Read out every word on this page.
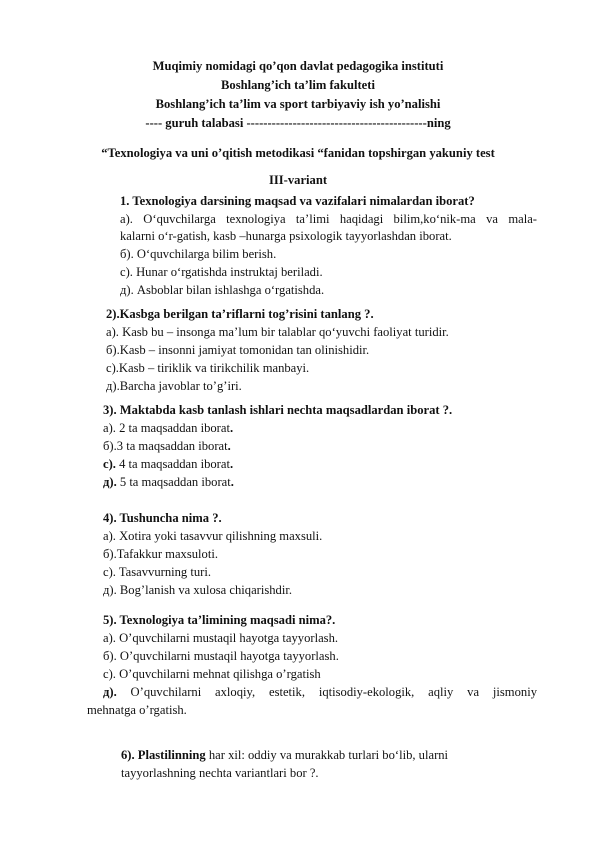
Muqimiy nomidagi qo’qon davlat pedagogika instituti
Boshlang’ich ta’lim fakulteti
Boshlang’ich ta’lim va sport tarbiyaviy ish yo’nalishi
---- guruh talabasi -------------------------------------------ning
“Texnologiya va uni o’qitish metodikasi “fanidan topshirgan yakuniy test
III-variant
1. Texnologiya darsining maqsad va vazifalari nimalardan iborat?
a). O‘quvchilarga texnologiya ta’limi haqidagi bilim,ko‘nik-ma va mala-
kalarni o‘r-gatish, kasb –hunarga psixologik tayyorlashdan iborat.
б). O‘quvchilarga bilim berish.
c). Hunar o‘rgatishda instruktaj beriladi.
д). Asboblar bilan ishlashga o‘rgatishda.
2).Kasbga berilgan ta’riflarni tog’risini tanlang ?.
a). Kasb bu – insonga ma’lum bir talablar qo‘yuvchi faoliyat turidir.
б).Kasb – insonni jamiyat tomonidan tan olinishidir.
c).Kasb – tiriklik va tirikchilik manbayi.
д).Barcha javoblar to’g’iri.
3). Maktabda kasb tanlash ishlari nechta maqsadlardan iborat ?.
a). 2 ta maqsaddan iborat.
б).3 ta maqsaddan iborat.
c). 4 ta maqsaddan iborat.
д). 5 ta maqsaddan iborat.
4). Tushuncha nima ?.
a). Xotira yoki tasavvur qilishning maxsuli.
б).Tafakkur maxsuloti.
c). Tasavvurning turi.
д). Bog’lanish va xulosa chiqarishdir.
5). Texnologiya ta’limining maqsadi nima?.
a). O’quvchilarni mustaqil hayotga tayyorlash.
б). O’quvchilarni mustaqil hayotga tayyorlash.
c). O’quvchilarni mehnat qilishga o’rgatish
д). O’quvchilarni axloqiy, estetik, iqtisodiy-ekologik, aqliy va jismoniy
mehnatga o’rgatish.
6). Plastilinning har xil: oddiy va murakkab turlari bo‘lib, ularni
tayyorlashning nechta variantlari bor ?.
